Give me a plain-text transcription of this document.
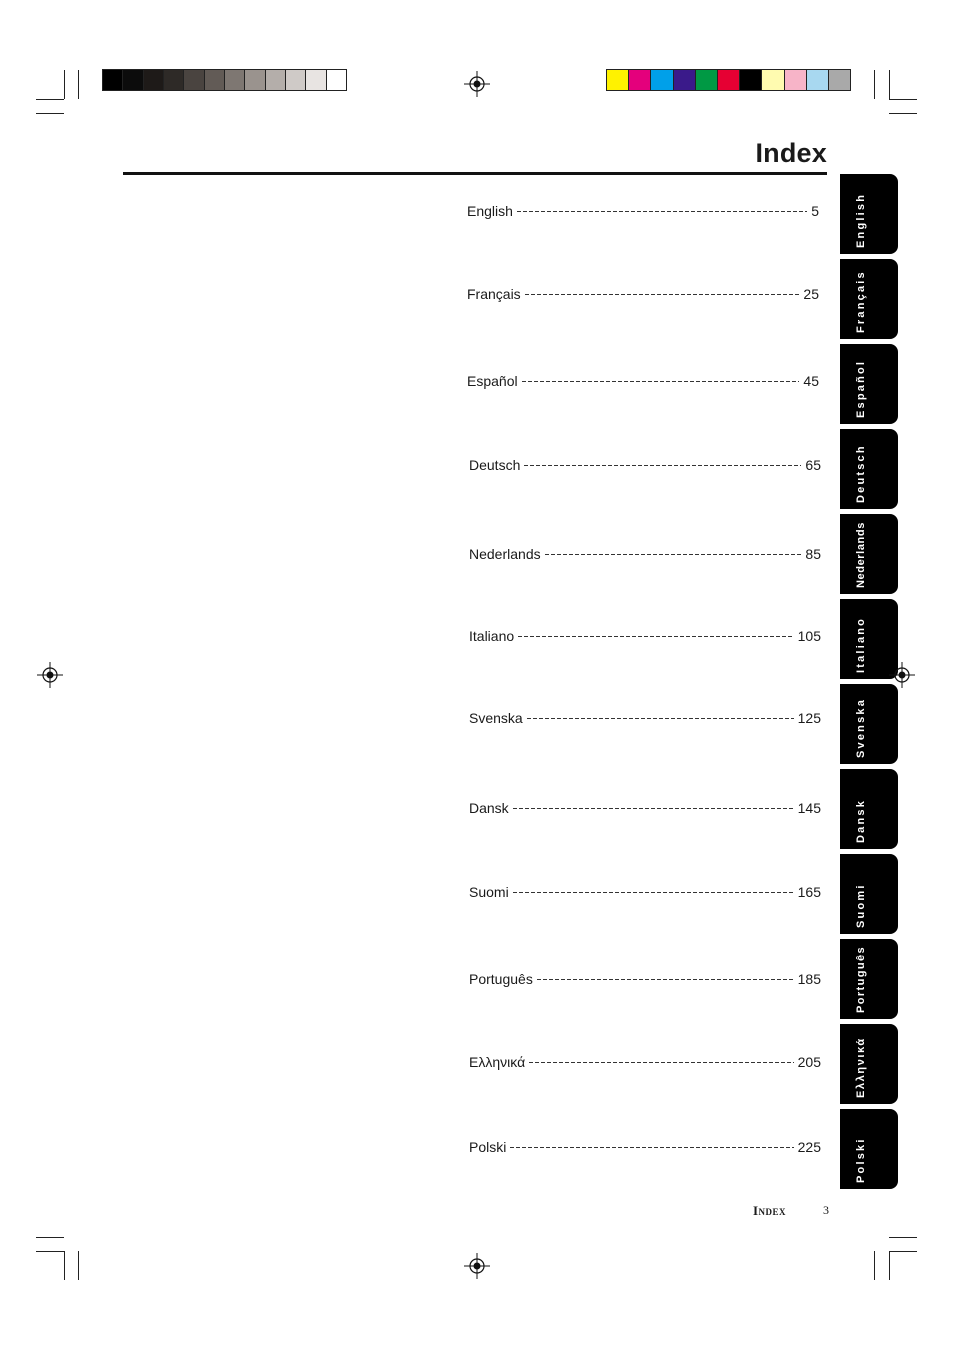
Index
English	5
Français	25
Español	45
Deutsch	65
Nederlands	85
Italiano	105
Svenska	125
Dansk	145
Suomi	165
Português	185
Ελληνικά	205
Polski	225
English
Français
Español
Deutsch
Nederlands
Italiano
Svenska
Dansk
Suomi
Português
Ελληνικά
Polski
Index	3
